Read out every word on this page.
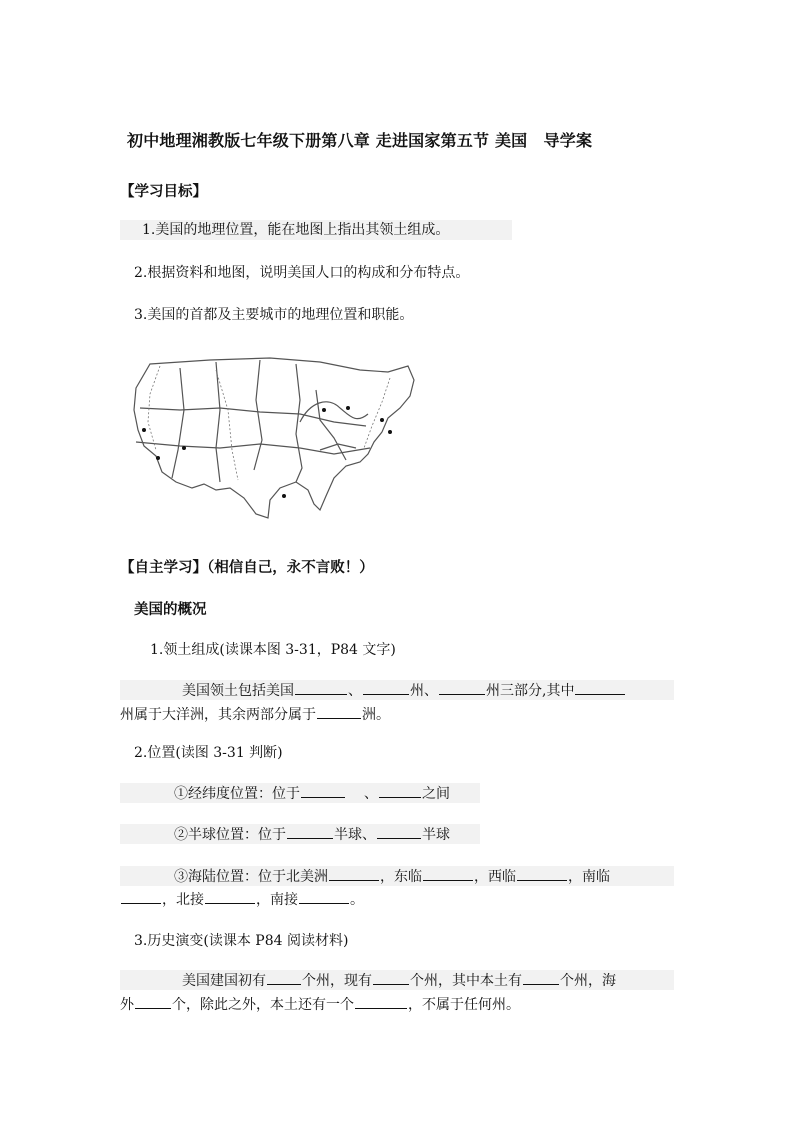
初中地理湘教版七年级下册第八章 走进国家第五节 美国　导学案
【学习目标】
1.美国的地理位置，能在地图上指出其领土组成。
2.根据资料和地图，说明美国人口的构成和分布特点。
3.美国的首都及主要城市的地理位置和职能。
【自主学习】（相信自己，永不言败！）
美国的概况
1.领土组成(读课本图 3-31，P84 文字)
美国领土包括美国	、	州、	州三部分,其中
州属于大洋洲，其余两部分属于	洲。
2.位置(读图 3-31 判断)
①经纬度位置：位于	、	之间
②半球位置：位于	半球、	半球
③海陆位置：位于北美洲	，东临	，西临	，南临
，北接	，南接	。
3.历史演变(读课本 P84 阅读材料)
美国建国初有	个州，现有	个州，其中本土有	个州，海
外	个，除此之外，本土还有一个	，不属于任何州。
